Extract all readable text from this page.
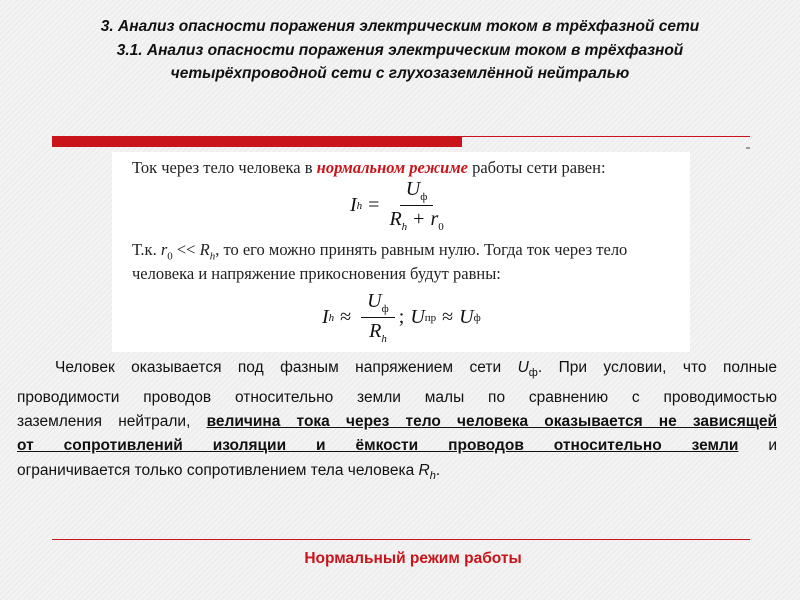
3. Анализ опасности поражения электрическим током в трёхфазной сети
3.1. Анализ опасности поражения электрическим током в трёхфазной
четырёхпроводной сети с глухозаземлённой нейтралью
Ток через тело человека в нормальном режиме работы сети равен:
I $h = \frac{U_ф}{R_h + r_0}$
Т.к. $r_0 << R_h$, то его можно принять равным нулю. Тогда ток через тело
человека и напряжение прикосновения будут равны:
I $h \approx \frac{U_ф}{R_h}$ ; U пр ≈ U ф
Человек оказывается под фазным напряжением сети $U_ф$. При условии, что полные
проводимости проводов относительно земли малы по сравнению с проводимостью
заземления нейтрали, величина тока через тело человека оказывается не зависящей
от сопротивлений изоляции и ёмкости проводов относительно земли и
ограничивается только сопротивлением тела человека $R_h$.
Нормальный режим работы
